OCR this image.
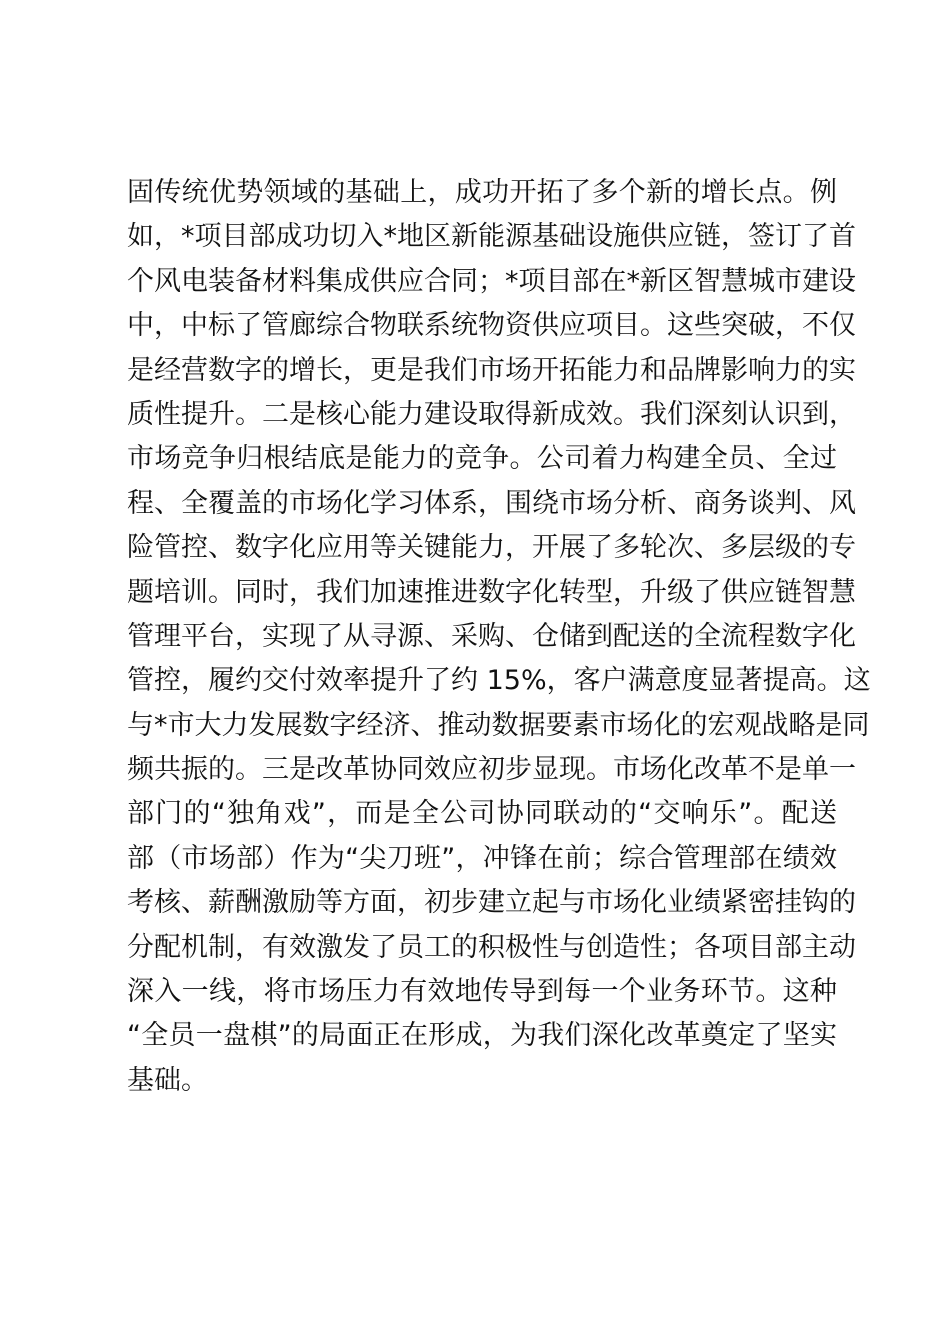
固传统优势领域的基础上，成功开拓了多个新的增长点。例
如，*项目部成功切入*地区新能源基础设施供应链，签订了首
个风电装备材料集成供应合同；*项目部在*新区智慧城市建设
中，中标了管廊综合物联系统物资供应项目。这些突破，不仅
是经营数字的增长，更是我们市场开拓能力和品牌影响力的实
质性提升。二是核心能力建设取得新成效。我们深刻认识到，
市场竞争归根结底是能力的竞争。公司着力构建全员、全过
程、全覆盖的市场化学习体系，围绕市场分析、商务谈判、风
险管控、数字化应用等关键能力，开展了多轮次、多层级的专
题培训。同时，我们加速推进数字化转型，升级了供应链智慧
管理平台，实现了从寻源、采购、仓储到配送的全流程数字化
管控，履约交付效率提升了约 15%，客户满意度显著提高。这
与*市大力发展数字经济、推动数据要素市场化的宏观战略是同
频共振的。三是改革协同效应初步显现。市场化改革不是单一
部门的“独角戏”，而是全公司协同联动的“交响乐”。配送
部（市场部）作为“尖刀班”，冲锋在前；综合管理部在绩效
考核、薪酬激励等方面，初步建立起与市场化业绩紧密挂钩的
分配机制，有效激发了员工的积极性与创造性；各项目部主动
深入一线，将市场压力有效地传导到每一个业务环节。这种
“全员一盘棋”的局面正在形成，为我们深化改革奠定了坚实
基础。
